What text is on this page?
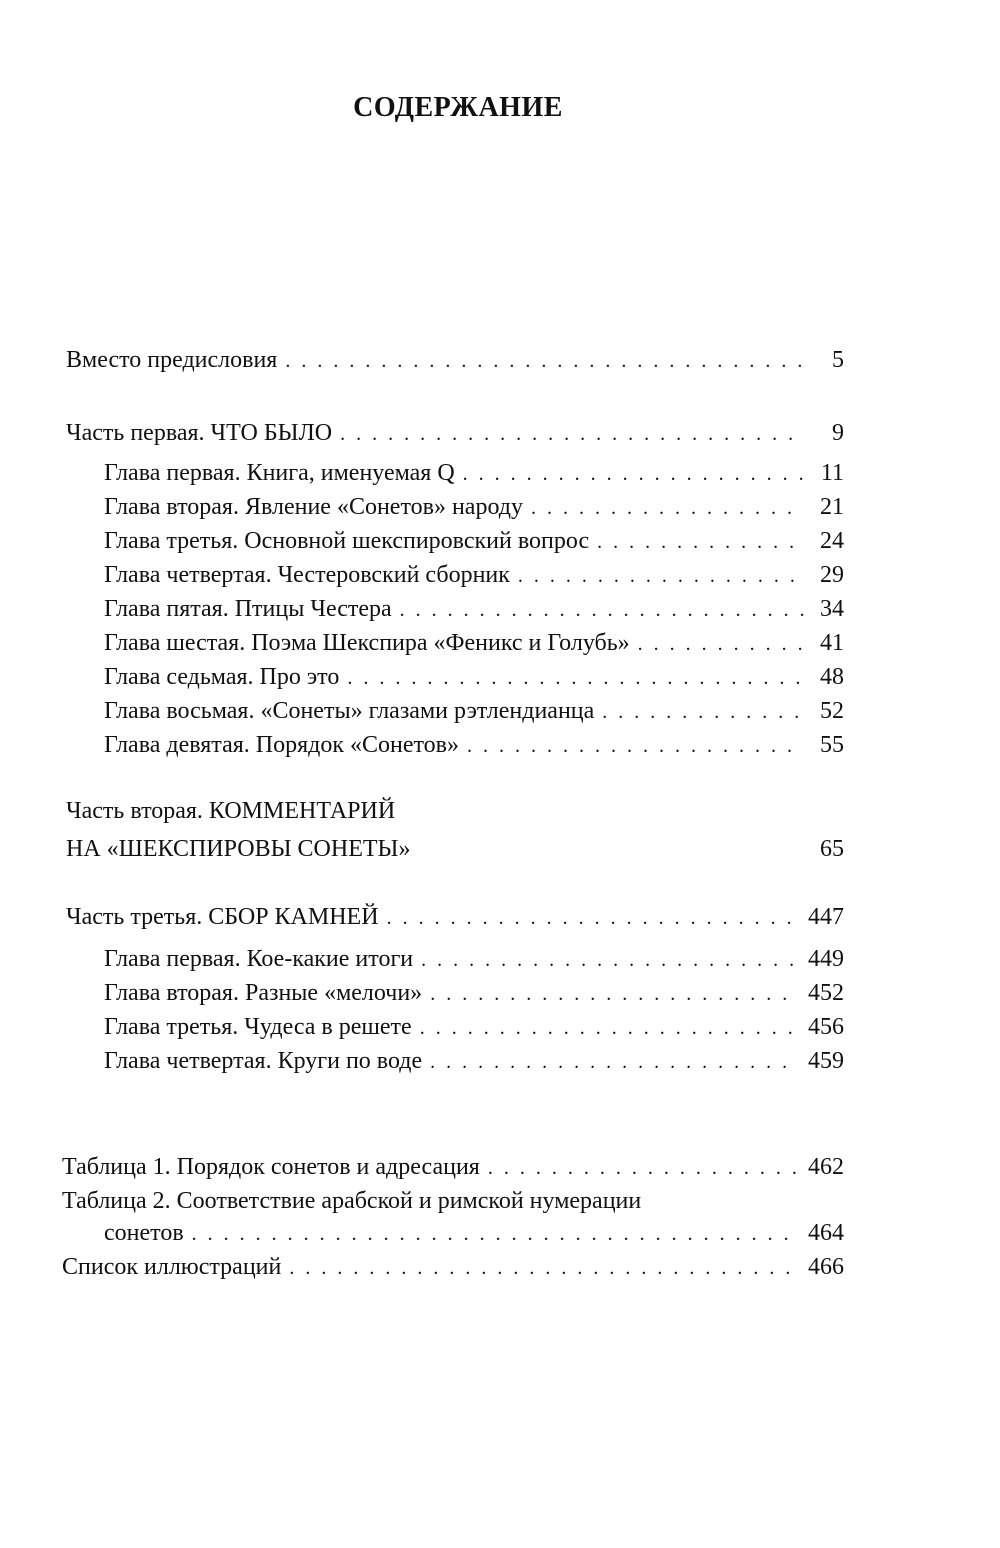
СОДЕРЖАНИЕ
Вместо предисловия . . .	5
Часть первая. ЧТО БЫЛО . . .	9
Глава первая. Книга, именуемая Q . . .	11
Глава вторая. Явление «Сонетов» народу . . .	21
Глава третья. Основной шекспировский вопрос . . .	24
Глава четвертая. Честеровский сборник . . .	29
Глава пятая. Птицы Честера . . .	34
Глава шестая. Поэма Шекспира «Феникс и Голубь» . . .	41
Глава седьмая. Про это . . .	48
Глава восьмая. «Сонеты» глазами рэтлендианца . . .	52
Глава девятая. Порядок «Сонетов» . . .	55
Часть вторая. КОММЕНТАРИЙ
НА «ШЕКСПИРОВЫ СОНЕТЫ»	65
Часть третья. СБОР КАМНЕЙ . . .	447
Глава первая. Кое-какие итоги . . .	449
Глава вторая. Разные «мелочи» . . .	452
Глава третья. Чудеса в решете . . .	456
Глава четвертая. Круги по воде . . .	459
Таблица 1. Порядок сонетов и адресация . . .	462
Таблица 2. Соответствие арабской и римской нумерации
сонетов . . .	464
Список иллюстраций . . .	466
